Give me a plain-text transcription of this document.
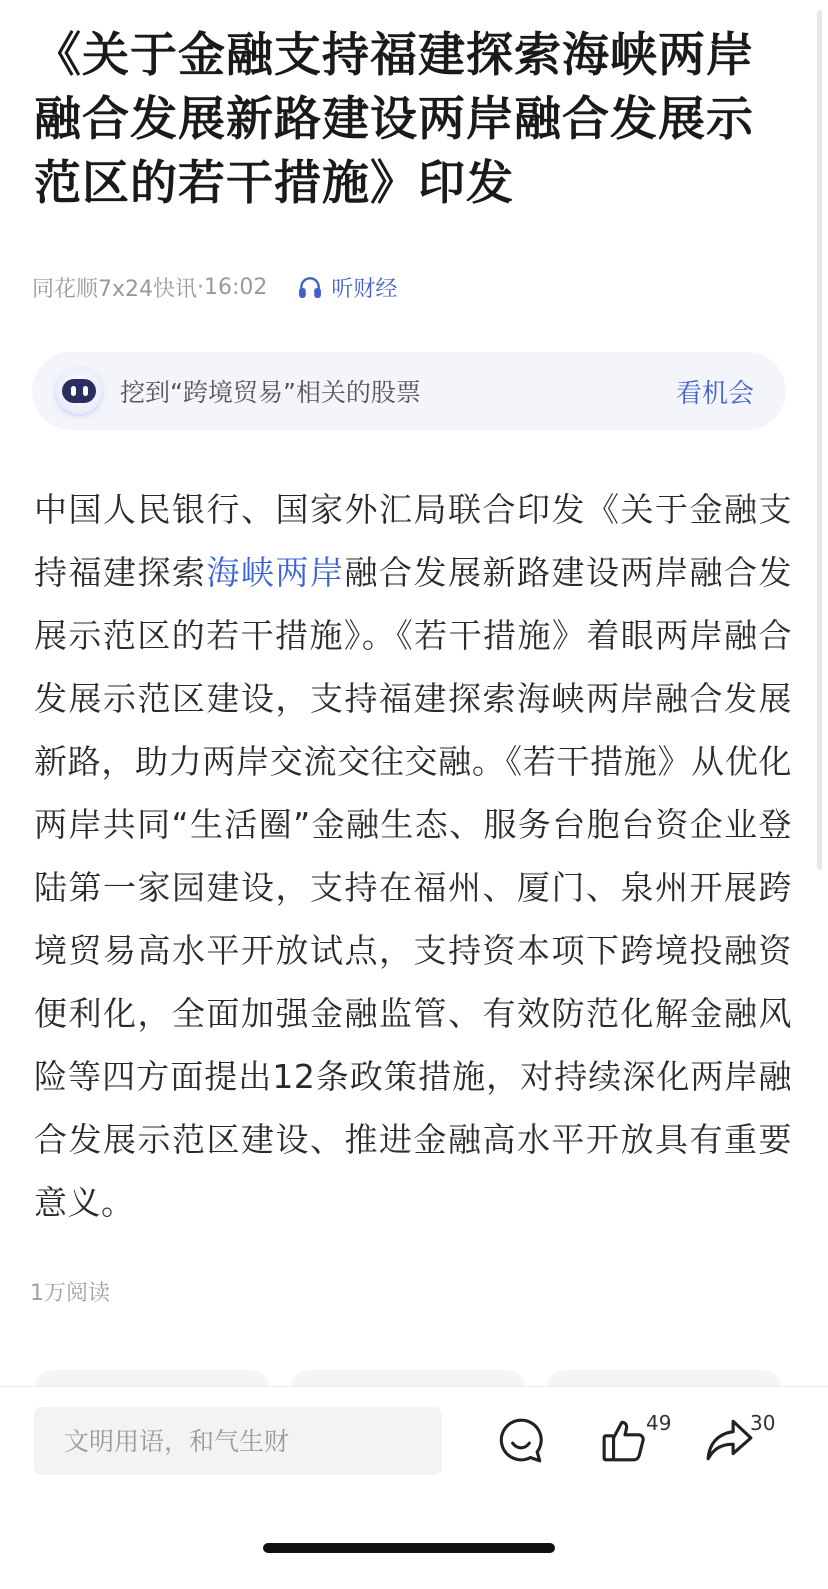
《关于金融支持福建探索海峡两岸融合发展新路建设两岸融合发展示范区的若干措施》印发
同花顺7x24快讯 · 16:02	听财经
挖到“跨境贸易”相关的股票	看机会

中国人民银行、国家外汇局联合印发《关于金融支持福建探索海峡两岸融合发展新路建设两岸融合发展示范区的若干措施》。《若干措施》着眼两岸融合发展示范区建设，支持福建探索海峡两岸融合发展新路，助力两岸交流交往交融。《若干措施》从优化两岸共同“生活圈”金融生态、服务台胞台资企业登陆第一家园建设，支持在福州、厦门、泉州开展跨境贸易高水平开放试点，支持资本项下跨境投融资便利化，全面加强金融监管、有效防范化解金融风险等四方面提出12条政策措施，对持续深化两岸融合发展示范区建设、推进金融高水平开放具有重要意义。

1万阅读
文明用语，和气生财
49	30
